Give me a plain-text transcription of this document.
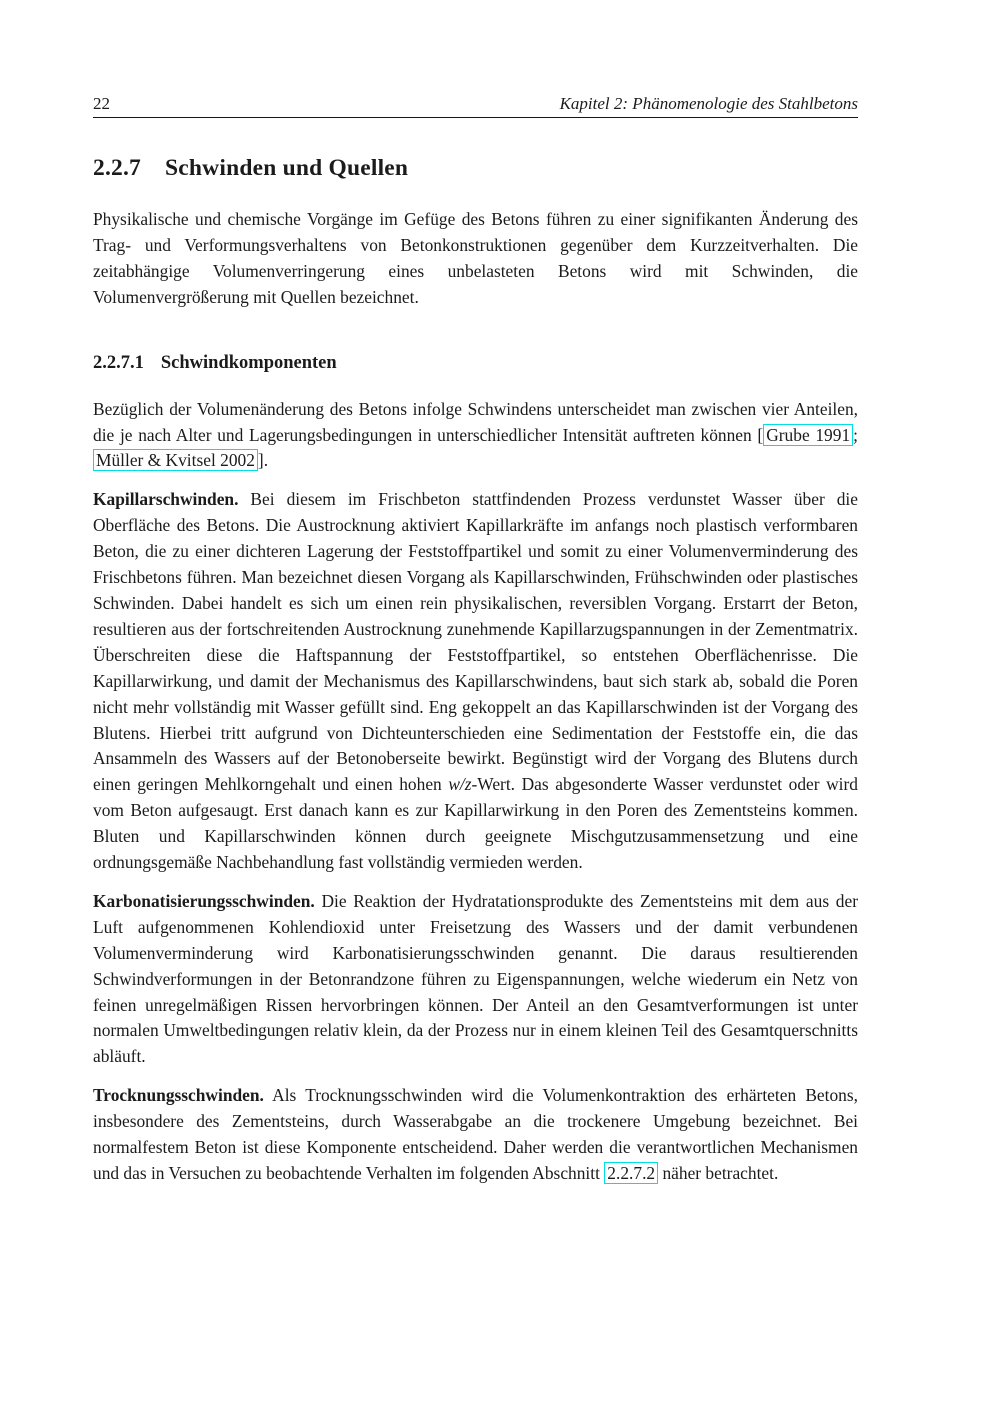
22	Kapitel 2: Phänomenologie des Stahlbetons
2.2.7 Schwinden und Quellen

Physikalische und chemische Vorgänge im Gefüge des Betons führen zu einer signifikanten Änderung des Trag- und Verformungsverhaltens von Betonkonstruktionen gegenüber dem Kurzzeitverhalten. Die zeitabhängige Volumenverringerung eines unbelasteten Betons wird mit Schwinden, die Volumenvergrößerung mit Quellen bezeichnet.

2.2.7.1 Schwindkomponenten

Bezüglich der Volumenänderung des Betons infolge Schwindens unterscheidet man zwischen vier Anteilen, die je nach Alter und Lagerungsbedingungen in unterschiedlicher Intensität auftreten können [ Grube 1991 ; Müller & Kvitsel 2002 ].

Kapillarschwinden. Bei diesem im Frischbeton stattfindenden Prozess verdunstet Wasser über die Oberfläche des Betons. Die Austrocknung aktiviert Kapillarkräfte im anfangs noch plastisch verformbaren Beton, die zu einer dichteren Lagerung der Feststoffpartikel und somit zu einer Volumenverminderung des Frischbetons führen. Man bezeichnet diesen Vorgang als Kapillarschwinden, Frühschwinden oder plastisches Schwinden. Dabei handelt es sich um einen rein physikalischen, reversiblen Vorgang. Erstarrt der Beton, resultieren aus der fortschreitenden Austrocknung zunehmende Kapillarzugspannungen in der Zementmatrix. Überschreiten diese die Haftspannung der Feststoffpartikel, so entstehen Oberflächenrisse. Die Kapillarwirkung, und damit der Mechanismus des Kapillarschwindens, baut sich stark ab, sobald die Poren nicht mehr vollständig mit Wasser gefüllt sind. Eng gekoppelt an das Kapillarschwinden ist der Vorgang des Blutens. Hierbei tritt aufgrund von Dichteunterschieden eine Sedimentation der Feststoffe ein, die das Ansammeln des Wassers auf der Betonoberseite bewirkt. Begünstigt wird der Vorgang des Blutens durch einen geringen Mehlkorngehalt und einen hohen w/z-Wert. Das abgesonderte Wasser verdunstet oder wird vom Beton aufgesaugt. Erst danach kann es zur Kapillarwirkung in den Poren des Zementsteins kommen. Bluten und Kapillarschwinden können durch geeignete Mischgutzusammensetzung und eine ordnungsgemäße Nachbehandlung fast vollständig vermieden werden.

Karbonatisierungsschwinden. Die Reaktion der Hydratationsprodukte des Zementsteins mit dem aus der Luft aufgenommenen Kohlendioxid unter Freisetzung des Wassers und der damit verbundenen Volumenverminderung wird Karbonatisierungsschwinden genannt. Die daraus resultierenden Schwindverformungen in der Betonrandzone führen zu Eigenspannungen, welche wiederum ein Netz von feinen unregelmäßigen Rissen hervorbringen können. Der Anteil an den Gesamtverformungen ist unter normalen Umweltbedingungen relativ klein, da der Prozess nur in einem kleinen Teil des Gesamtquerschnitts abläuft.

Trocknungsschwinden. Als Trocknungsschwinden wird die Volumenkontraktion des erhärteten Betons, insbesondere des Zementsteins, durch Wasserabgabe an die trockenere Umgebung bezeichnet. Bei normalfestem Beton ist diese Komponente entscheidend. Daher werden die verantwortlichen Mechanismen und das in Versuchen zu beobachtende Verhalten im folgenden Abschnitt 2.2.7.2 näher betrachtet.
